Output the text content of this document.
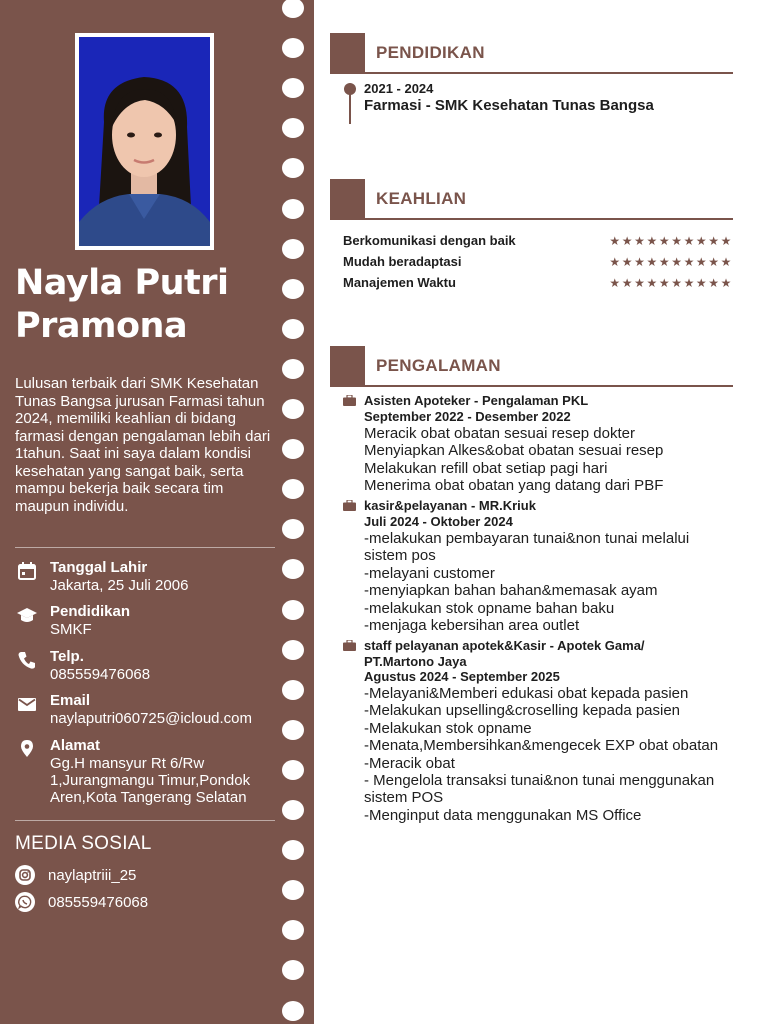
Nayla Putri Pramona
Lulusan terbaik dari SMK Kesehatan Tunas Bangsa jurusan Farmasi tahun 2024, memiliki keahlian di bidang farmasi dengan pengalaman lebih dari 1tahun. Saat ini saya dalam kondisi kesehatan yang sangat baik, serta mampu bekerja baik secara tim maupun individu.
Tanggal Lahir
Jakarta, 25 Juli 2006
Pendidikan
SMKF
Telp.
085559476068
Email
naylaputri060725@icloud.com
Alamat
Gg.H mansyur Rt 6/Rw 1,Jurangmangu Timur,Pondok Aren,Kota Tangerang Selatan
MEDIA SOSIAL
naylaptriii_25
085559476068
PENDIDIKAN
2021 - 2024
Farmasi - SMK Kesehatan Tunas Bangsa
KEAHLIAN
Berkomunikasi dengan baik	★★★★★★★★★★
Mudah beradaptasi	★★★★★★★★★★
Manajemen Waktu	★★★★★★★★★★
PENGALAMAN
Asisten Apoteker - Pengalaman PKL
September 2022 - Desember 2022
Meracik obat obatan sesuai resep dokter
Menyiapkan Alkes&obat obatan sesuai resep
Melakukan refill obat setiap pagi hari
Menerima obat obatan yang datang dari PBF
kasir&pelayanan - MR.Kriuk
Juli 2024 - Oktober 2024
-melakukan pembayaran tunai&non tunai melalui sistem pos
-melayani customer
-menyiapkan bahan bahan&memasak ayam
-melakukan stok opname bahan baku
-menjaga kebersihan area outlet
staff pelayanan apotek&Kasir - Apotek Gama/ PT.Martono Jaya
Agustus 2024 - September 2025
-Melayani&Memberi edukasi obat kepada pasien
-Melakukan upselling&croselling kepada pasien
-Melakukan stok opname
-Menata,Membersihkan&mengecek EXP obat obatan
-Meracik obat
- Mengelola transaksi tunai&non tunai menggunakan sistem POS
-Menginput data menggunakan MS Office
